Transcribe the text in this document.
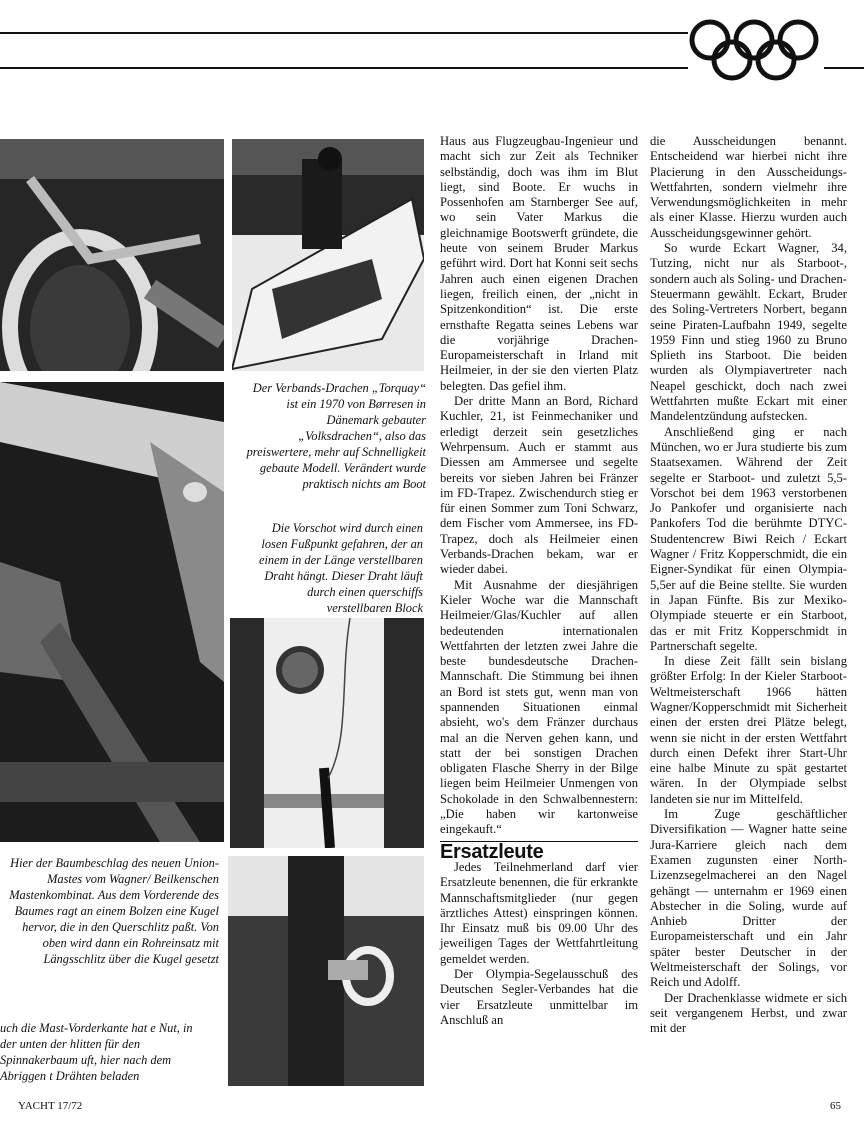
Der Verbands-Drachen „Torquay“ ist ein 1970 von Børresen in Dänemark gebauter „Volksdrachen“, also das preiswertere, mehr auf Schnelligkeit gebaute Modell. Verändert wurde praktisch nichts am Boot
Die Vorschot wird durch einen losen Fußpunkt gefahren, der an einem in der Länge verstellbaren Draht hängt. Dieser Draht läuft durch einen querschiffs verstellbaren Block
Hier der Baumbeschlag des neuen Union-Mastes vom Wagner/ Beilkenschen Mastenkombinat. Aus dem Vorderende des Baumes ragt an einem Bolzen eine Kugel hervor, die in den Querschlitz paßt. Von oben wird dann ein Rohreinsatz mit Längsschlitz über die Kugel gesetzt
uch die Mast-Vorderkante hat e Nut, in der unten der hlitten für den Spinnakerbaum uft, hier nach dem Abriggen t Drähten beladen

Haus aus Flugzeugbau-Ingenieur und macht sich zur Zeit als Techniker selbständig, doch was ihm im Blut liegt, sind Boote. Er wuchs in Possenhofen am Starnberger See auf, wo sein Vater Markus die gleichnamige Bootswerft gründete, die heute von seinem Bruder Markus geführt wird. Dort hat Konni seit sechs Jahren auch einen eigenen Drachen liegen, freilich einen, der „nicht in Spitzenkondition“ ist. Die erste ernsthafte Regatta seines Lebens war die vorjährige Drachen-Europameisterschaft in Irland mit Heilmeier, in der sie den vierten Platz belegten. Das gefiel ihm.

Der dritte Mann an Bord, Richard Kuchler, 21, ist Feinmechaniker und erledigt derzeit sein gesetzliches Wehrpensum. Auch er stammt aus Diessen am Ammersee und segelte bereits vor sieben Jahren bei Fränzer im FD-Trapez. Zwischendurch stieg er für einen Sommer zum Toni Schwarz, dem Fischer vom Ammersee, ins FD-Trapez, doch als Heilmeier einen Verbands-Drachen bekam, war er wieder dabei.

Mit Ausnahme der diesjährigen Kieler Woche war die Mannschaft Heilmeier/Glas/Kuchler auf allen bedeutenden internationalen Wettfahrten der letzten zwei Jahre die beste bundesdeutsche Drachen-Mannschaft. Die Stimmung bei ihnen an Bord ist stets gut, wenn man von spannenden Situationen einmal absieht, wo's dem Fränzer durchaus mal an die Nerven gehen kann, und statt der bei sonstigen Drachen obligaten Flasche Sherry in der Bilge liegen beim Heilmeier Unmengen von Schokolade in den Schwalbennestern: „Die haben wir kartonweise eingekauft.“

Ersatzleute

Jedes Teilnehmerland darf vier Ersatzleute benennen, die für erkrankte Mannschaftsmitglieder (nur gegen ärztliches Attest) einspringen können. Ihr Einsatz muß bis 09.00 Uhr des jeweiligen Tages der Wettfahrtleitung gemeldet werden.

Der Olympia-Segelausschuß des Deutschen Segler-Verbandes hat die vier Ersatzleute unmittelbar im Anschluß an

die Ausscheidungen benannt. Entscheidend war hierbei nicht ihre Placierung in den Ausscheidungs-Wettfahrten, sondern vielmehr ihre Verwendungsmöglichkeiten in mehr als einer Klasse. Hierzu wurden auch Ausscheidungsgewinner gehört.

So wurde Eckart Wagner, 34, Tutzing, nicht nur als Starboot-, sondern auch als Soling- und Drachen-Steuermann gewählt. Eckart, Bruder des Soling-Vertreters Norbert, begann seine Piraten-Laufbahn 1949, segelte 1959 Finn und stieg 1960 zu Bruno Splieth ins Starboot. Die beiden wurden als Olympiavertreter nach Neapel geschickt, doch nach zwei Wettfahrten mußte Eckart mit einer Mandelentzündung aufstecken.

Anschließend ging er nach München, wo er Jura studierte bis zum Staatsexamen. Während der Zeit segelte er Starboot- und zuletzt 5,5-Vorschot bei dem 1963 verstorbenen Jo Pankofer und organisierte nach Pankofers Tod die berühmte DTYC-Studentencrew Biwi Reich / Eckart Wagner / Fritz Kopperschmidt, die ein Eigner-Syndikat für einen Olympia-5,5er auf die Beine stellte. Sie wurden in Japan Fünfte. Bis zur Mexiko-Olympiade steuerte er ein Starboot, das er mit Fritz Kopperschmidt in Partnerschaft segelte.

In diese Zeit fällt sein bislang größter Erfolg: In der Kieler Starboot-Weltmeisterschaft 1966 hätten Wagner/Kopperschmidt mit Sicherheit einen der ersten drei Plätze belegt, wenn sie nicht in der ersten Wettfahrt durch einen Defekt ihrer Start-Uhr eine halbe Minute zu spät gestartet wären. In der Olympiade selbst landeten sie nur im Mittelfeld.

Im Zuge geschäftlicher Diversifikation — Wagner hatte seine Jura-Karriere gleich nach dem Examen zugunsten einer North-Lizenzsegelmacherei an den Nagel gehängt — unternahm er 1969 einen Abstecher in die Soling, wurde auf Anhieb Dritter der Europameisterschaft und ein Jahr später bester Deutscher in der Weltmeisterschaft der Solings, vor Reich und Adolff.

Der Drachenklasse widmete er sich seit vergangenem Herbst, und zwar mit der

YACHT 17/72	65
